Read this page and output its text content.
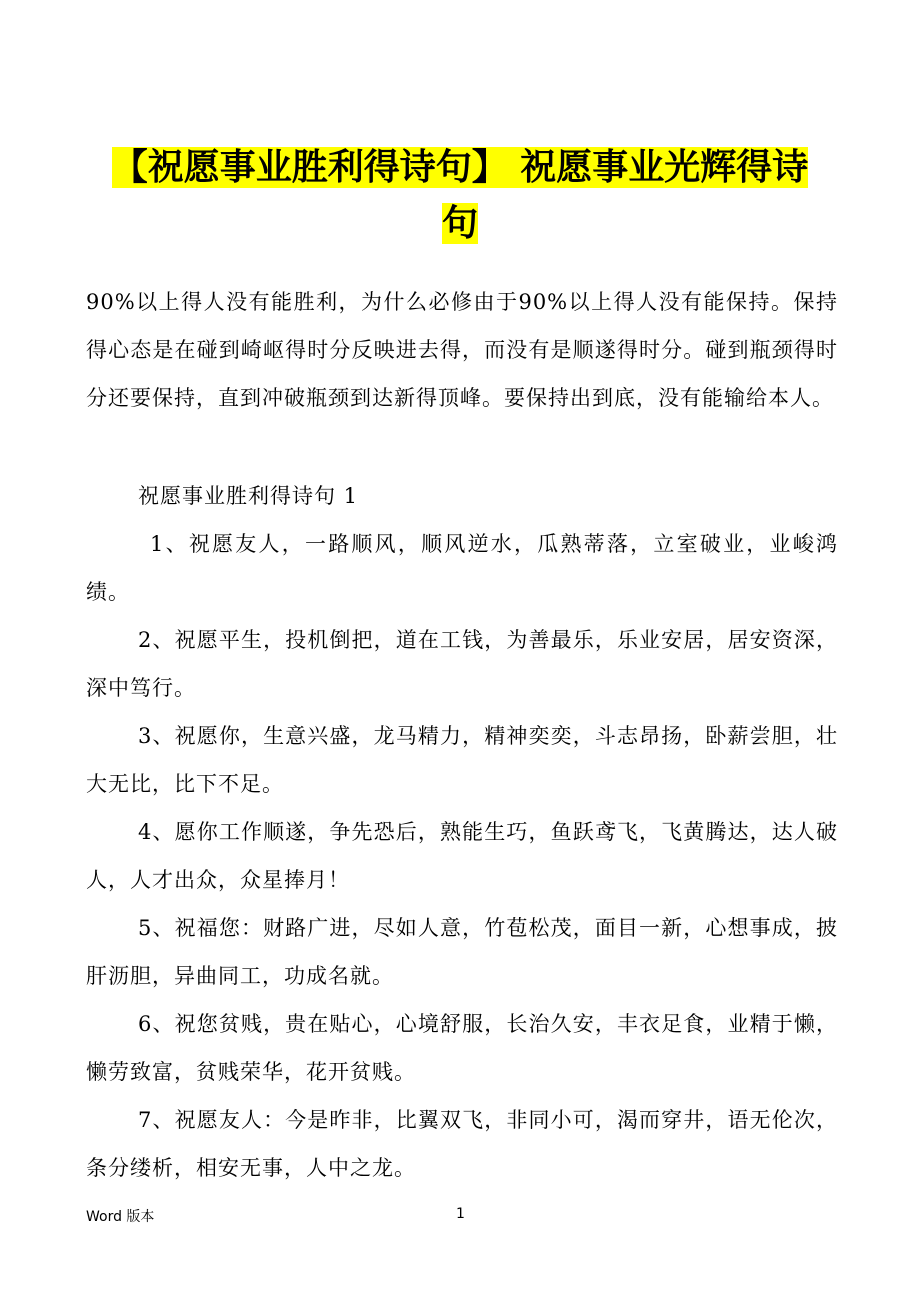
【祝愿事业胜利得诗句】 祝愿事业光辉得诗
句

90%以上得人没有能胜利，为什么必修由于90%以上得人没有能保持。保持得心态是在碰到崎岖得时分反映进去得，而没有是顺遂得时分。碰到瓶颈得时分还要保持，直到冲破瓶颈到达新得顶峰。要保持出到底，没有能输给本人。

祝愿事业胜利得诗句 1

1、祝愿友人，一路顺风，顺风逆水，瓜熟蒂落，立室破业，业峻鸿绩。

2、祝愿平生，投机倒把，道在工钱，为善最乐，乐业安居，居安资深，深中笃行。

3、祝愿你，生意兴盛，龙马精力，精神奕奕，斗志昂扬，卧薪尝胆，壮大无比，比下不足。

4、愿你工作顺遂，争先恐后，熟能生巧，鱼跃鸢飞，飞黄腾达，达人破人，人才出众，众星捧月！

5、祝福您：财路广进，尽如人意，竹苞松茂，面目一新，心想事成，披肝沥胆，异曲同工，功成名就。

6、祝您贫贱，贵在贴心，心境舒服，长治久安，丰衣足食，业精于懒，懒劳致富，贫贱荣华，花开贫贱。

7、祝愿友人：今是昨非，比翼双飞，非同小可，渴而穿井，语无伦次，条分缕析，相安无事，人中之龙。

Word 版本	1
